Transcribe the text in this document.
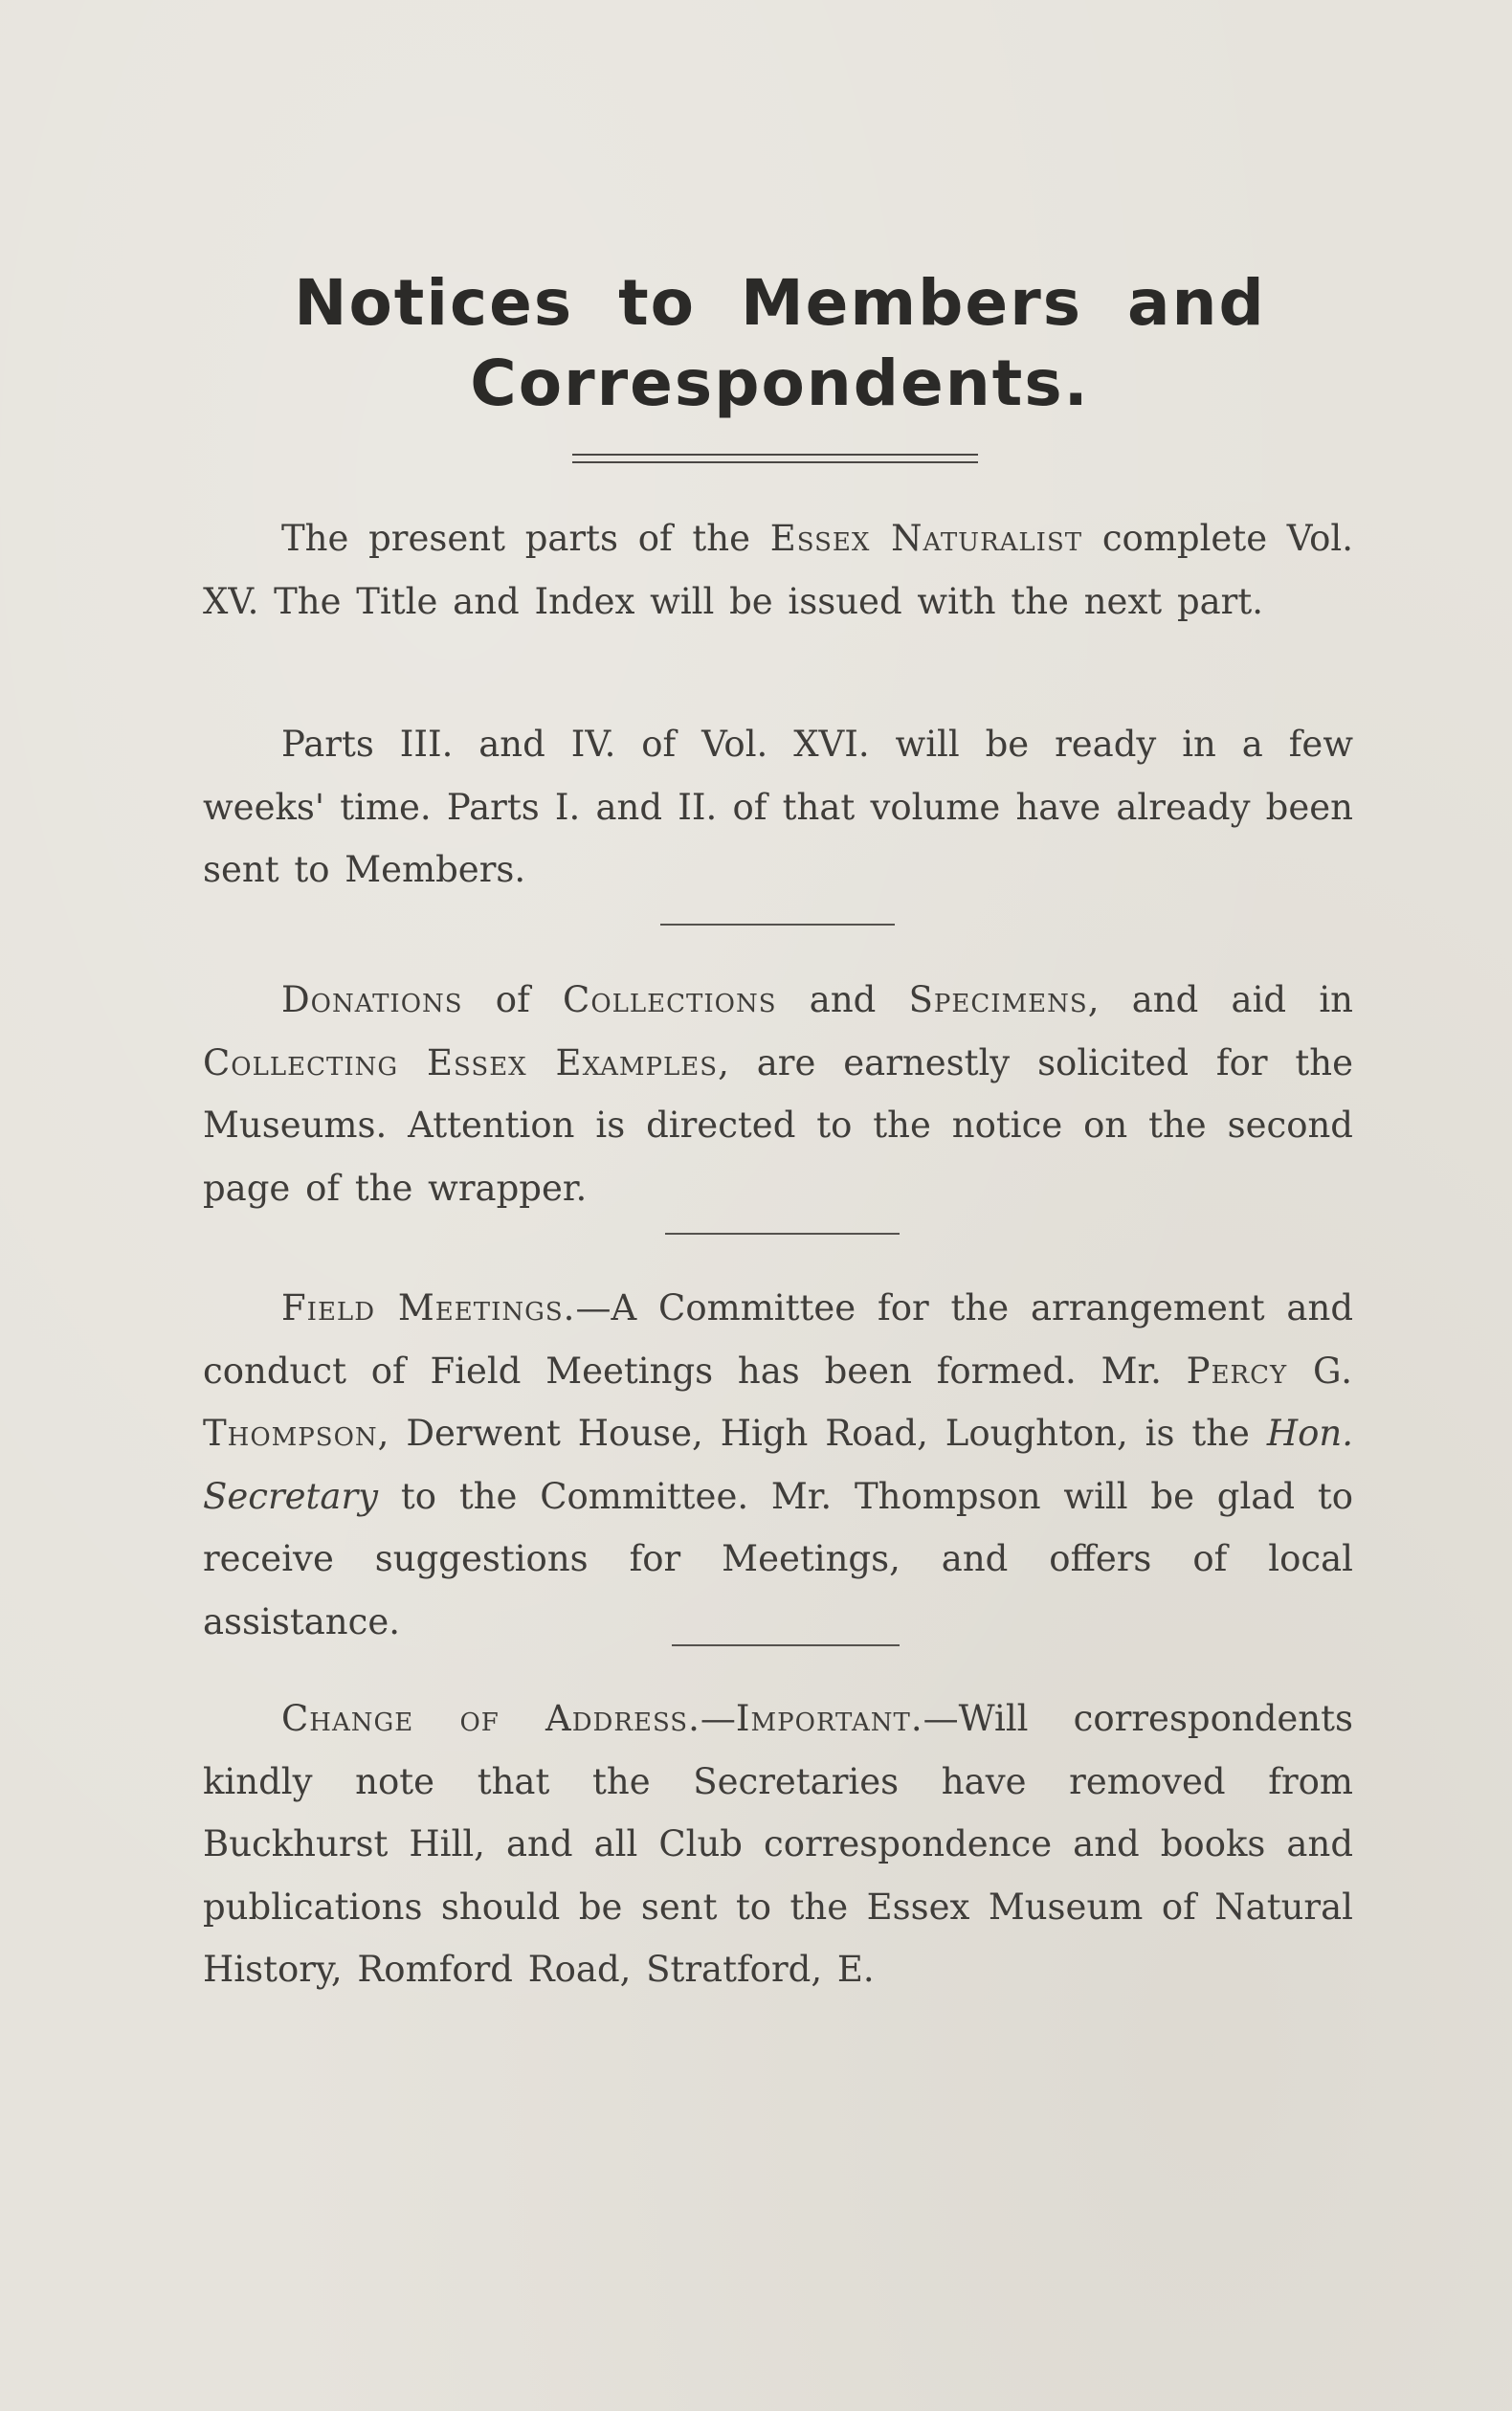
Notices to Members and
Correspondents.

The present parts of the Essex Naturalist complete Vol. XV. The Title and Index will be issued with the next part.

Parts III. and IV. of Vol. XVI. will be ready in a few weeks' time. Parts I. and II. of that volume have already been sent to Members.

Donations of Collections and Specimens, and aid in Collecting Essex Examples, are earnestly solicited for the Museums. Attention is directed to the notice on the second page of the wrapper.

Field Meetings.—A Committee for the arrangement and conduct of Field Meetings has been formed. Mr. Percy G. Thompson, Derwent House, High Road, Loughton, is the Hon. Secretary to the Committee. Mr. Thompson will be glad to receive suggestions for Meetings, and offers of local assistance.

Change of Address.—Important.—Will correspondents kindly note that the Secretaries have removed from Buckhurst Hill, and all Club correspondence and books and publications should be sent to the Essex Museum of Natural History, Romford Road, Stratford, E.
